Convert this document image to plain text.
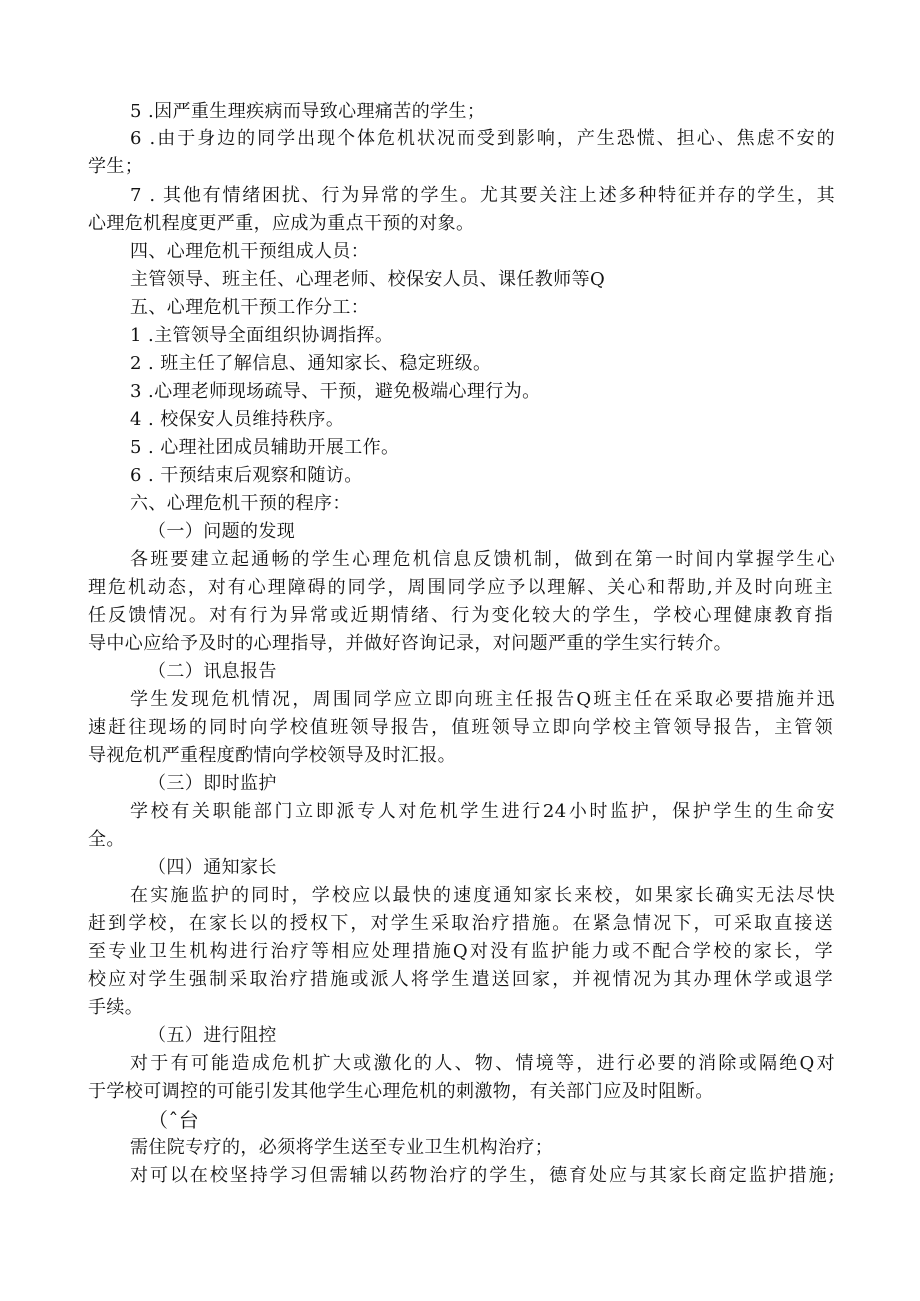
5 .因严重生理疾病而导致心理痛苦的学生；
6 .由于身边的同学出现个体危机状况而受到影响，产生恐慌、担心、焦虑不安的
学生；
7 . 其他有情绪困扰、行为异常的学生。尤其要关注上述多种特征并存的学生，其
心理危机程度更严重，应成为重点干预的对象。
四、心理危机干预组成人员：
主管领导、班主任、心理老师、校保安人员、课任教师等Q
五、心理危机干预工作分工：
1 .主管领导全面组织协调指挥。
2 . 班主任了解信息、通知家长、稳定班级。
3 .心理老师现场疏导、干预，避免极端心理行为。
4 . 校保安人员维持秩序。
5 . 心理社团成员辅助开展工作。
6 . 干预结束后观察和随访。
六、心理危机干预的程序：
（一）问题的发现
各班要建立起通畅的学生心理危机信息反馈机制，做到在第一时间内掌握学生心
理危机动态，对有心理障碍的同学，周围同学应予以理解、关心和帮助,并及时向班主
任反馈情况。对有行为异常或近期情绪、行为变化较大的学生，学校心理健康教育指
导中心应给予及时的心理指导，并做好咨询记录，对问题严重的学生实行转介。
（二）讯息报告
学生发现危机情况，周围同学应立即向班主任报告Q班主任在采取必要措施并迅
速赶往现场的同时向学校值班领导报告，值班领导立即向学校主管领导报告，主管领
导视危机严重程度酌情向学校领导及时汇报。
（三）即时监护
学校有关职能部门立即派专人对危机学生进行24小时监护，保护学生的生命安
全。
（四）通知家长
在实施监护的同时，学校应以最快的速度通知家长来校，如果家长确实无法尽快
赶到学校，在家长以的授权下，对学生采取治疗措施。在紧急情况下，可采取直接送
至专业卫生机构进行治疗等相应处理措施Q对没有监护能力或不配合学校的家长，学
校应对学生强制采取治疗措施或派人将学生遣送回家，并视情况为其办理休学或退学
手续。
（五）进行阻控
对于有可能造成危机扩大或激化的人、物、情境等，进行必要的消除或隔绝Q对
于学校可调控的可能引发其他学生心理危机的刺激物，有关部门应及时阻断。
（ˆ台
需住院专疗的，必须将学生送至专业卫生机构治疗；
对可以在校坚持学习但需辅以药物治疗的学生，德育处应与其家长商定监护措施;
